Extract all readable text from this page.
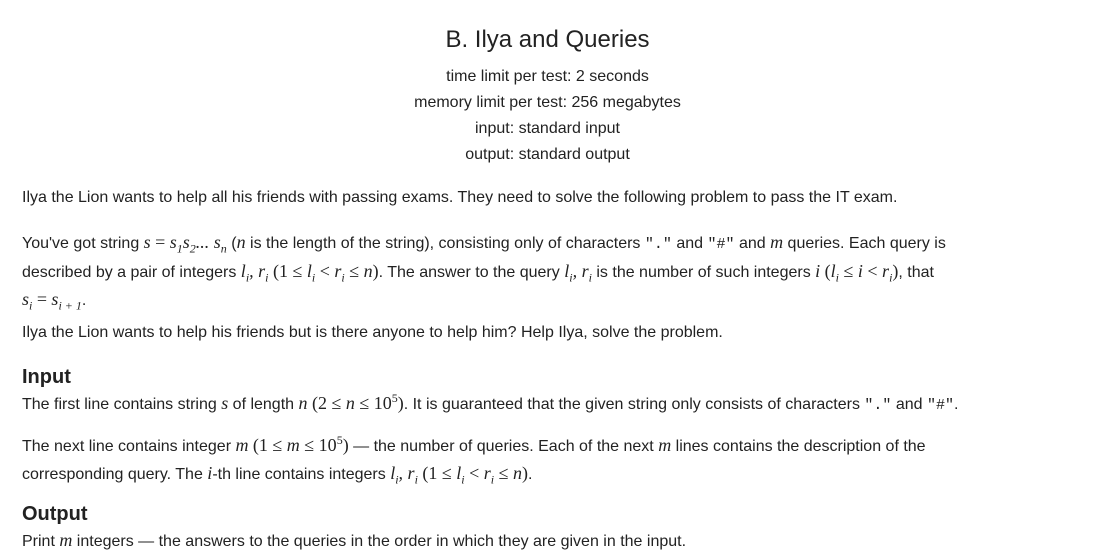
B. Ilya and Queries
time limit per test: 2 seconds
memory limit per test: 256 megabytes
input: standard input
output: standard output

Ilya the Lion wants to help all his friends with passing exams. They need to solve the following problem to pass the IT exam.

You've got string $s = s_1s_2$... $s_n$ (n is the length of the string), consisting only of characters "." and "#" and m queries. Each query is
described by a pair of integers $l_i$, $r_i$ $(1 \le l_i < r_i \le n)$. The answer to the query $l_i$, $r_i$ is the number of such integers i $(l_i \le i < r_i)$, that
$s_i = s_{i + 1}$.

Ilya the Lion wants to help his friends but is there anyone to help him? Help Ilya, solve the problem.

Input
The first line contains string s of length n $(2 \le n \le 10^5)$. It is guaranteed that the given string only consists of characters "." and "#".
The next line contains integer m $(1 \le m \le 10^5)$ — the number of queries. Each of the next m lines contains the description of the
corresponding query. The i-th line contains integers $l_i$, $r_i$ $(1 \le l_i < r_i \le n)$.
Output
Print m integers — the answers to the queries in the order in which they are given in the input.
